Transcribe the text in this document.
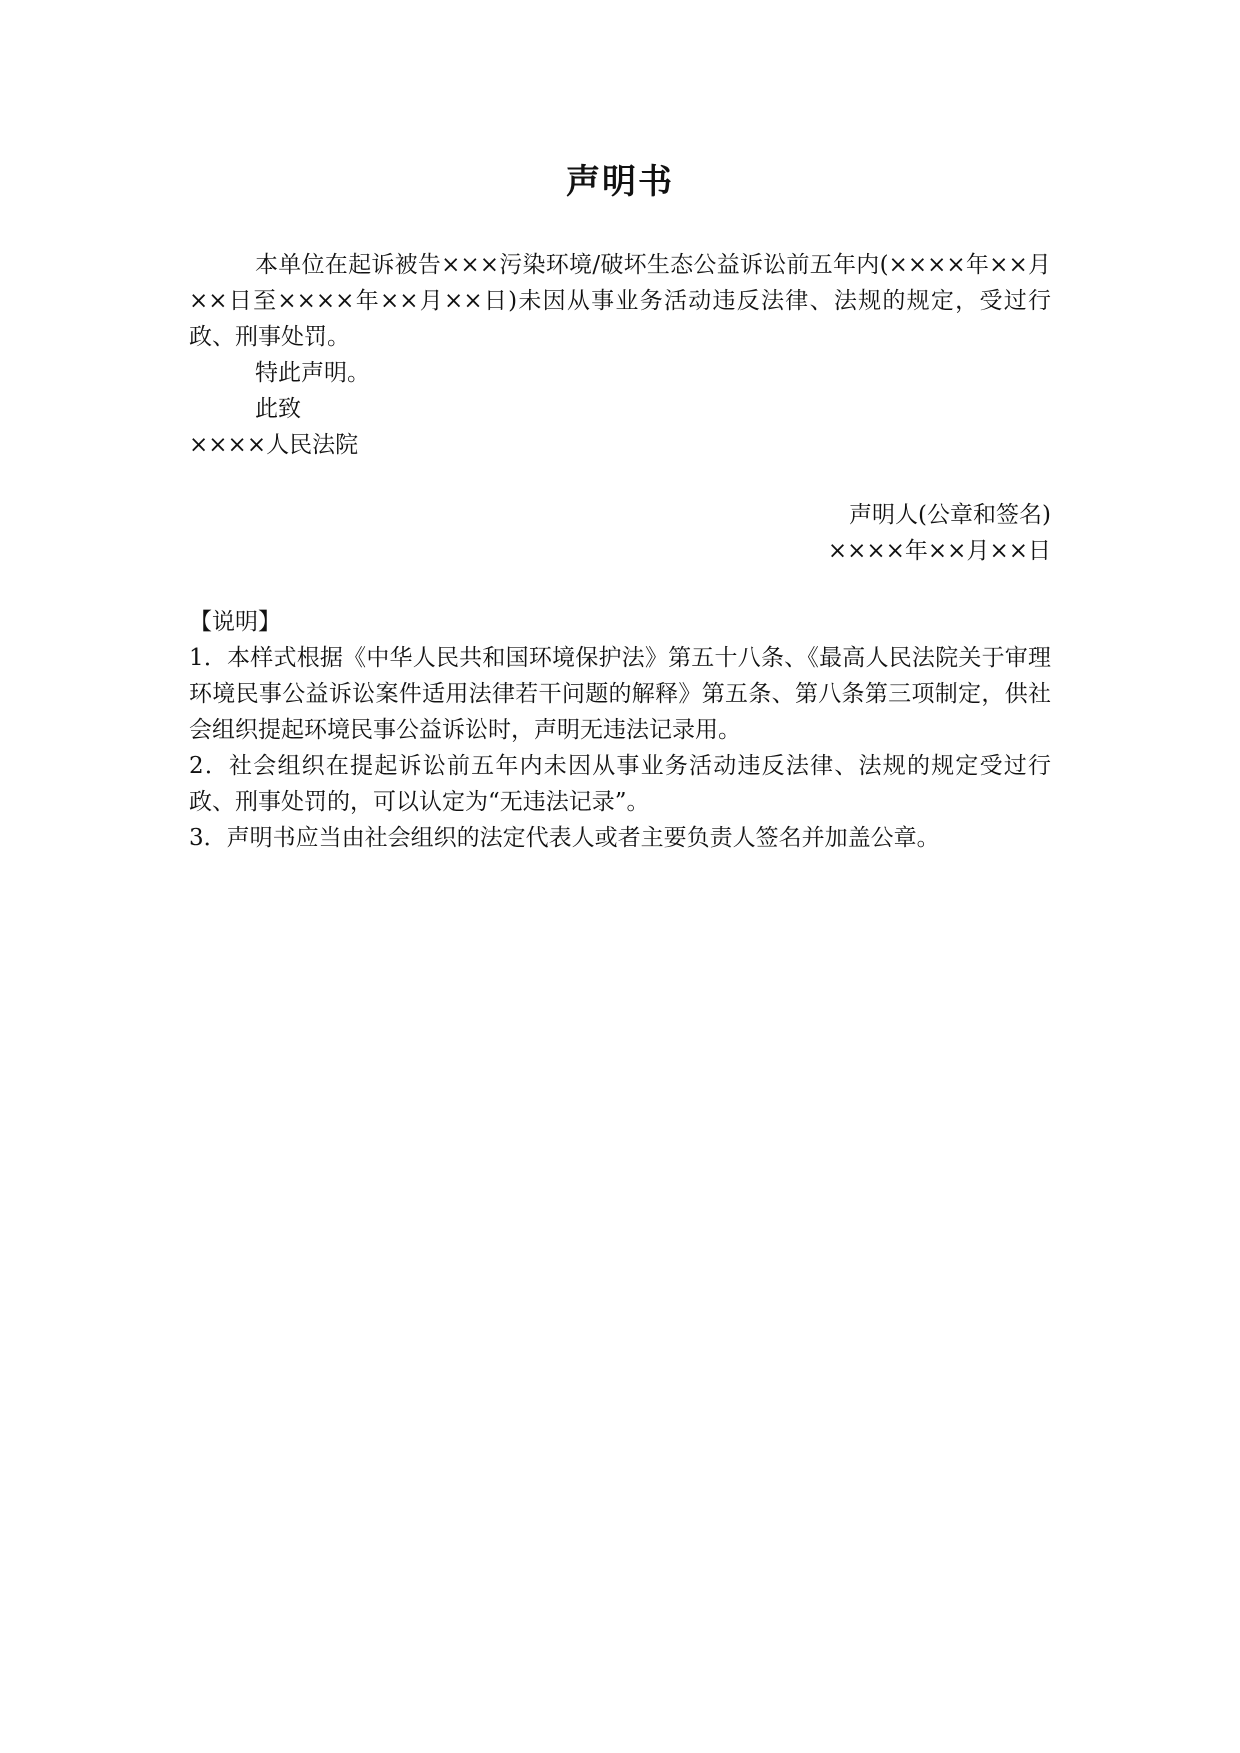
声明书
本单位在起诉被告×××污染环境/破坏生态公益诉讼前五年内(××××年××月××日至××××年××月××日)未因从事业务活动违反法律、法规的规定，受过行政、刑事处罚。
特此声明。
此致
××××人民法院
声明人(公章和签名)
××××年××月××日
【说明】
1．本样式根据《中华人民共和国环境保护法》第五十八条、《最高人民法院关于审理环境民事公益诉讼案件适用法律若干问题的解释》第五条、第八条第三项制定，供社会组织提起环境民事公益诉讼时，声明无违法记录用。
2．社会组织在提起诉讼前五年内未因从事业务活动违反法律、法规的规定受过行政、刑事处罚的，可以认定为“无违法记录”。
3．声明书应当由社会组织的法定代表人或者主要负责人签名并加盖公章。
